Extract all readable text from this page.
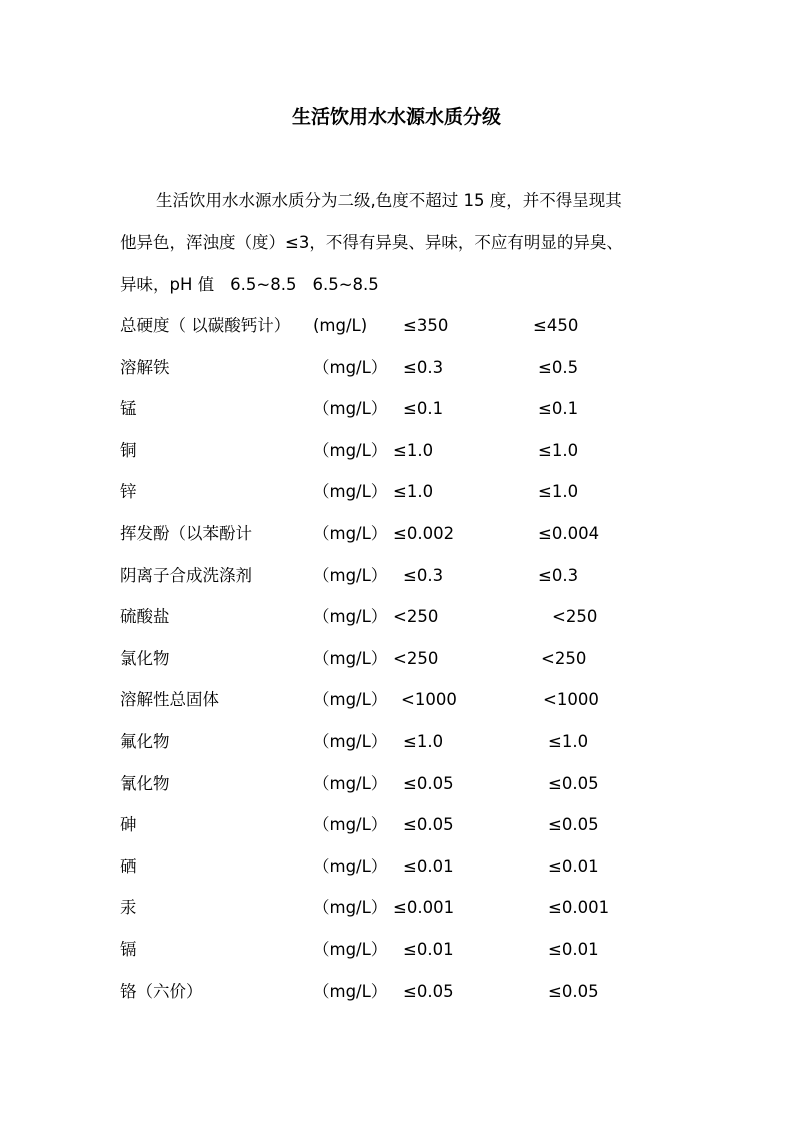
生活饮用水水源水质分级
生活饮用水水源水质分为二级,色度不超过 15 度，并不得呈现其
他异色，浑浊度（度）≤3，不得有异臭、异味，不应有明显的异臭、
异味，pH 值 6.5~8.5 6.5~8.5
总硬度（ 以碳酸钙计） (mg/L) ≤350	≤450
溶解铁	（mg/L） ≤0.3	≤0.5
锰	（mg/L） ≤0.1	≤0.1
铜	（mg/L） ≤1.0	≤1.0
锌	（mg/L） ≤1.0	≤1.0
挥发酚（以苯酚计	（mg/L） ≤0.002	≤0.004
阴离子合成洗涤剂	（mg/L） ≤0.3	≤0.3
硫酸盐	（mg/L） <250	<250
氯化物	（mg/L） <250	<250
溶解性总固体	（mg/L） <1000	<1000
氟化物	（mg/L） ≤1.0	≤1.0
氰化物	（mg/L） ≤0.05	≤0.05
砷	（mg/L） ≤0.05	≤0.05
硒	（mg/L） ≤0.01	≤0.01
汞	（mg/L） ≤0.001	≤0.001
镉	（mg/L） ≤0.01	≤0.01
铬（六价）	（mg/L） ≤0.05	≤0.05
